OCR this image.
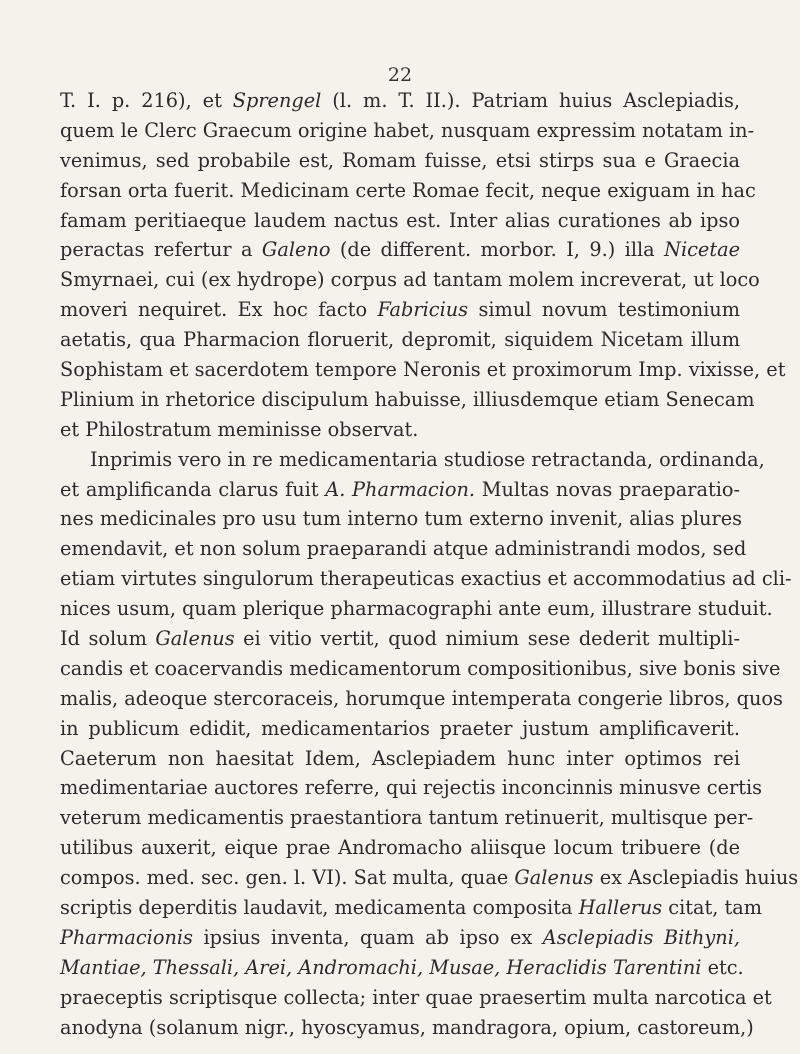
22
T. I. p. 216), et Sprengel (l. m. T. II.). Patriam huius Asclepiadis,
quem le Clerc Graecum origine habet, nusquam expressim notatam in-
venimus, sed probabile est, Romam fuisse, etsi stirps sua e Graecia
forsan orta fuerit. Medicinam certe Romae fecit, neque exiguam in hac
famam peritiaeque laudem nactus est. Inter alias curationes ab ipso
peractas refertur a Galeno (de different. morbor. I, 9.) illa Nicetae
Smyrnaei, cui (ex hydrope) corpus ad tantam molem increverat, ut loco
moveri nequiret. Ex hoc facto Fabricius simul novum testimonium
aetatis, qua Pharmacion floruerit, depromit, siquidem Nicetam illum
Sophistam et sacerdotem tempore Neronis et proximorum Imp. vixisse, et
Plinium in rhetorice discipulum habuisse, illiusdemque etiam Senecam
et Philostratum meminisse observat.
Inprimis vero in re medicamentaria studiose retractanda, ordinanda,
et amplificanda clarus fuit A. Pharmacion. Multas novas praeparatio-
nes medicinales pro usu tum interno tum externo invenit, alias plures
emendavit, et non solum praeparandi atque administrandi modos, sed
etiam virtutes singulorum therapeuticas exactius et accommodatius ad cli-
nices usum, quam plerique pharmacographi ante eum, illustrare studuit.
Id solum Galenus ei vitio vertit, quod nimium sese dederit multipli-
candis et coacervandis medicamentorum compositionibus, sive bonis sive
malis, adeoque stercoraceis, horumque intemperata congerie libros, quos
in publicum edidit, medicamentarios praeter justum amplificaverit.
Caeterum non haesitat Idem, Asclepiadem hunc inter optimos rei
medimentariae auctores referre, qui rejectis inconcinnis minusve certis
veterum medicamentis praestantiora tantum retinuerit, multisque per-
utilibus auxerit, eique prae Andromacho aliisque locum tribuere (de
compos. med. sec. gen. l. VI). Sat multa, quae Galenus ex Asclepiadis huius
scriptis deperditis laudavit, medicamenta composita Hallerus citat, tam
Pharmacionis ipsius inventa, quam ab ipso ex Asclepiadis Bithyni,
Mantiae, Thessali, Arei, Andromachi, Musae, Heraclidis Tarentini etc.
praeceptis scriptisque collecta; inter quae praesertim multa narcotica et
anodyna (solanum nigr., hyoscyamus, mandragora, opium, castoreum,)
